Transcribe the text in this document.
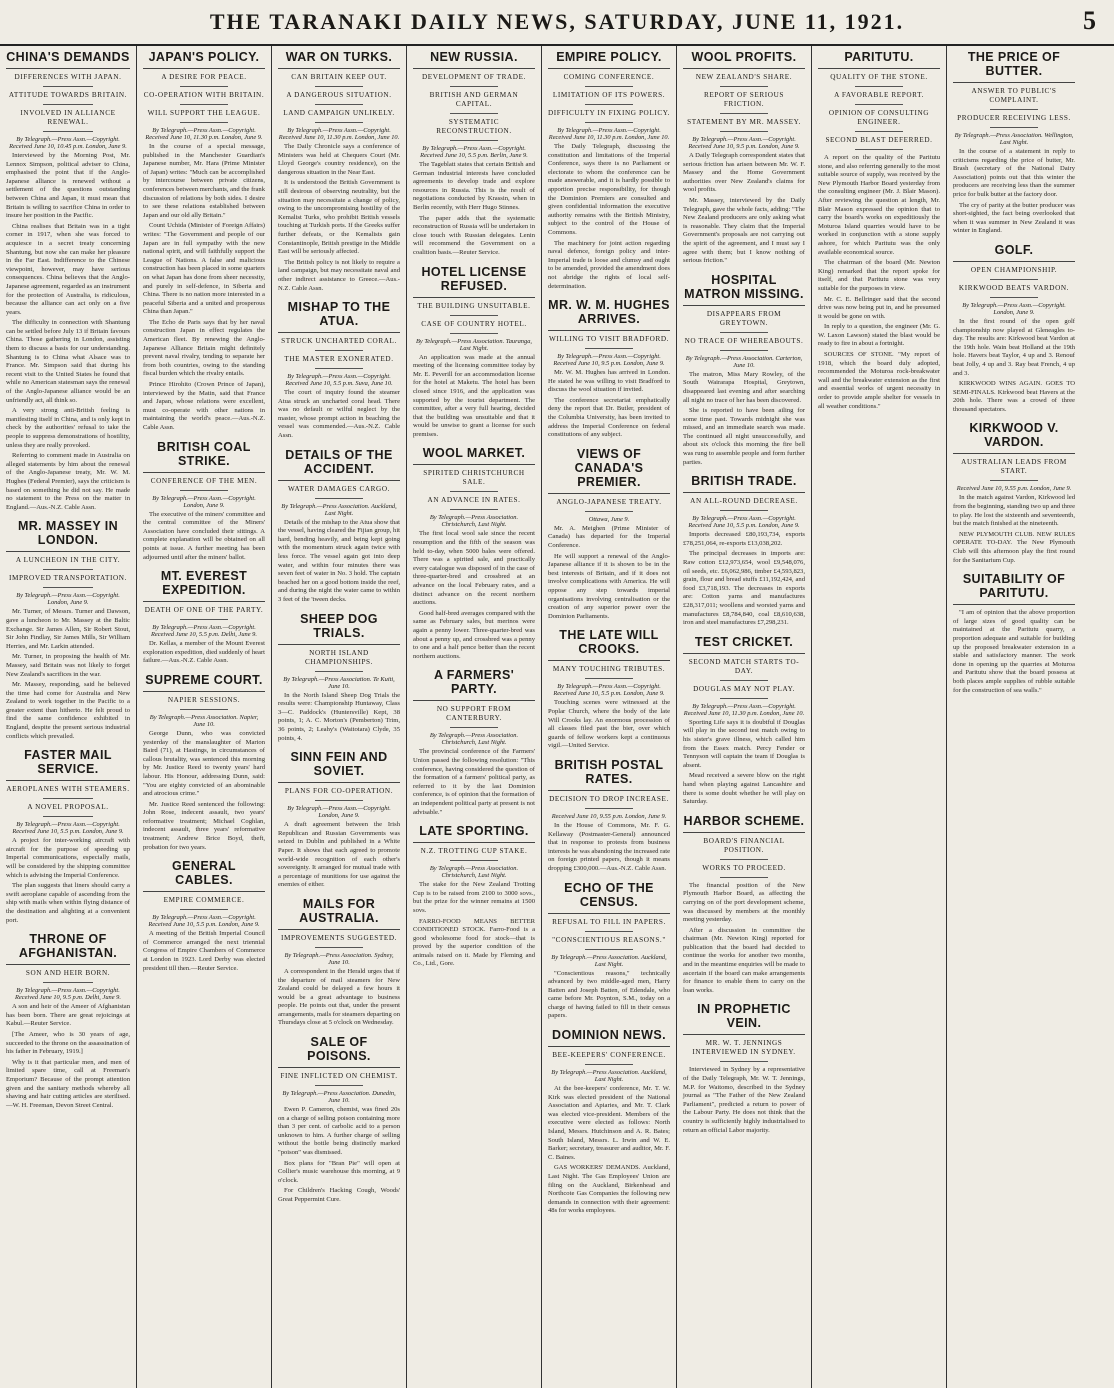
THE TARANAKI DAILY NEWS, SATURDAY, JUNE 11, 1921.	5
CHINA'S DEMANDS
DIFFERENCES WITH JAPAN.
ATTITUDE TOWARDS BRITAIN.
INVOLVED IN ALLIANCE RENEWAL.
By Telegraph.—Press Assn.—Copyright. Received June 10, 10.45 p.m. London, June 9.

Interviewed by the Morning Post, Mr. Lennox Simpson, political adviser to China, emphasised the point that if the Anglo-Japanese alliance is renewed without a settlement of the questions outstanding between China and Japan, it must mean that Britain is willing to sacrifice China in order to insure her position in the Pacific.

China realises that Britain was in a tight corner in 1917, when she was forced to acquiesce in a secret treaty concerning Shantung, but now she can make her pleasure in the Far East. Indifference to the Chinese viewpoint, however, may have serious consequences. China believes that the Anglo-Japanese agreement, regarded as an instrument for the protection of Australia, is ridiculous, because the alliance can act only on a five years.

The difficulty in connection with Shantung can be settled before July 13 if Britain favours China. Those gathering in London, assisting them to discuss a basis for our understanding. Shantung is to China what Alsace was to France. Mr. Simpson said that during his recent visit to the United States he found that while no American statesman says the renewal of the Anglo-Japanese alliance would be an unfriendly act, all think so.

A very strong anti-British feeling is manifesting itself in China, and is only kept in check by the authorities' refusal to take the people to suppress demonstrations of hostility, unless they are really provoked.

Referring to comment made in Australia on alleged statements by him about the renewal of the Anglo-Japanese treaty, Mr. W. M. Hughes (Federal Premier), says the criticism is based on something he did not say. He made no statement to the Press on the matter in England.—Aus.-N.Z. Cable Assn.

MR. MASSEY IN LONDON.
A LUNCHEON IN THE CITY.
IMPROVED TRANSPORTATION.
By Telegraph.—Press Assn.—Copyright. London, June 9.

Mr. Turner, of Messrs. Turner and Dawson, gave a luncheon to Mr. Massey at the Baltic Exchange. Sir James Allen, Sir Robert Stout, Sir John Findlay, Sir James Mills, Sir William Herries, and Mr. Larkin attended.

Mr. Turner, in proposing the health of Mr. Massey, said Britain was not likely to forget New Zealand's sacrifices in the war.

Mr. Massey, responding, said he believed the time had come for Australia and New Zealand to work together in the Pacific to a greater extent than hitherto. He felt proud to find the same confidence exhibited in England, despite the present serious industrial conflicts which prevailed.

FASTER MAIL SERVICE.
AEROPLANES WITH STEAMERS.
A NOVEL PROPOSAL.
By Telegraph.—Press Assn.—Copyright. Received June 10, 5.5 p.m. London, June 9.

A project for inter-working aircraft with aircraft for the purpose of speeding up Imperial communications, especially mails, will be considered by the shipping committee which is advising the Imperial Conference.

The plan suggests that liners should carry a swift aeroplane capable of ascending from the ship with mails when within flying distance of the destination and alighting at a convenient port.

THRONE OF AFGHANISTAN.
SON AND HEIR BORN.
By Telegraph.—Press Assn.—Copyright. Received June 10, 9.5 p.m. Delhi, June 9.

A son and heir of the Ameer of Afghanistan has been born. There are great rejoicings at Kabul.—Reuter Service.

[The Ameer, who is 30 years of age, succeeded to the throne on the assassination of his father in February, 1919.]

Why is it that particular men, and men of limited spare time, call at Freeman's Emporium? Because of the prompt attention given and the sanitary methods whereby all shaving and hair cutting articles are sterilised.—W. H. Freeman, Devon Street Central.

JAPAN'S POLICY.
A DESIRE FOR PEACE.
CO-OPERATION WITH BRITAIN.
WILL SUPPORT THE LEAGUE.
By Telegraph.—Press Assn.—Copyright. Received June 10, 11.30 p.m. London, June 9.

In the course of a special message, published in the Manchester Guardian's Japanese number, Mr. Hara (Prime Minister of Japan) writes: "Much can be accomplished by intercourse between private citizens, conferences between merchants, and the frank discussion of relations by both sides. I desire to see these relations established between Japan and our old ally Britain."

Count Uchida (Minister of Foreign Affairs) writes: "The Government and people of our Japan are in full sympathy with the new national spirit, and will faithfully support the League of Nations. A false and malicious construction has been placed in some quarters on what Japan has done from sheer necessity, and purely in self-defence, in Siberia and China. There is no nation more interested in a peaceful Siberia and a united and prosperous China than Japan."

The Echo de Paris says that by her naval construction Japan in effect regulates the American fleet. By renewing the Anglo-Japanese Alliance Britain might definitely prevent naval rivalry, tending to separate her from both countries, owing to the standing fiscal burden which the rivalry entails.

Prince Hirohito (Crown Prince of Japan), interviewed by the Matin, said that France and Japan, whose relations were excellent, must co-operate with other nations in maintaining the world's peace.—Aus.-N.Z. Cable Assn.

BRITISH COAL STRIKE.
CONFERENCE OF THE MEN.
By Telegraph.—Press Assn.—Copyright. London, June 9.

The executive of the miners' committee and the central committee of the Miners' Association have concluded their sittings. A complete explanation will be obtained on all points at issue. A further meeting has been adjourned until after the miners' ballot.

MT. EVEREST EXPEDITION.
DEATH OF ONE OF THE PARTY.
By Telegraph.—Press Assn.—Copyright. Received June 10, 5.5 p.m. Delhi, June 9.

Dr. Kellas, a member of the Mount Everest exploration expedition, died suddenly of heart failure.—Aus.-N.Z. Cable Assn.

SUPREME COURT.
NAPIER SESSIONS.
By Telegraph.—Press Association. Napier, June 10.

George Dunn, who was convicted yesterday of the manslaughter of Marion Baird (71), at Hastings, in circumstances of callous brutality, was sentenced this morning by Mr. Justice Reed to twenty years' hard labour. His Honour, addressing Dunn, said: "You are eighty convicted of an abominable and atrocious crime."

Mr. Justice Reed sentenced the following: John Rose, indecent assault, two years' reformative treatment; Michael Coghlan, indecent assault, three years' reformative treatment; Andrew Brice Boyd, theft, probation for two years.

GENERAL CABLES.
EMPIRE COMMERCE.
By Telegraph.—Press Assn.—Copyright. Received June 10, 5.5 p.m. London, June 9.

A meeting of the British Imperial Council of Commerce arranged the next triennial Congress of Empire Chambers of Commerce at London in 1923. Lord Derby was elected president till then.—Reuter Service.

WAR ON TURKS.
CAN BRITAIN KEEP OUT.
A DANGEROUS SITUATION.
LAND CAMPAIGN UNLIKELY.
By Telegraph.—Press Assn.—Copyright. Received June 10, 11.30 p.m. London, June 10.

The Daily Chronicle says a conference of Ministers was held at Chequers Court (Mr. Lloyd George's country residence), on the dangerous situation in the Near East.

It is understood the British Government is still desirous of observing neutrality, but the situation may necessitate a change of policy, owing to the uncompromising hostility of the Kemalist Turks, who prohibit British vessels touching at Turkish ports. If the Greeks suffer further defeats, or the Kemalists gain Constantinople, British prestige in the Middle East will be seriously affected.

The British policy is not likely to require a land campaign, but may necessitate naval and other indirect assistance to Greece.—Aus.-N.Z. Cable Assn.

MISHAP TO THE ATUA.
STRUCK UNCHARTED CORAL.
THE MASTER EXONERATED.
By Telegraph.—Press Assn.—Copyright. Received June 10, 5.5 p.m. Suva, June 10.

The court of inquiry found the steamer Atua struck an uncharted coral head. There was no default or wilful neglect by the master, whose prompt action in beaching the vessel was commended.—Aus.-N.Z. Cable Assn.

DETAILS OF THE ACCIDENT.
WATER DAMAGES CARGO.
By Telegraph.—Press Association. Auckland, Last Night.

Details of the mishap to the Atua show that the vessel, having cleared the Fijian group, hit hard, bending heavily, and being kept going with the momentum struck again twice with less force. The vessel again got into deep water, and within four minutes there was seven feet of water in No. 3 hold. The captain beached her on a good bottom inside the reef, and during the night the water came to within 3 feet of the 'tween decks.

SHEEP DOG TRIALS.
NORTH ISLAND CHAMPIONSHIPS.
By Telegraph.—Press Association. Te Kuiti, June 10.

In the North Island Sheep Dog Trials the results were: Championship Huntaway, Class 3—C. Paddock's (Huntersville) Kept, 38 points, 1; A. C. Morton's (Pemberton) Trim, 36 points, 2; Leahy's (Waitotara) Clyde, 35 points, 4.

SINN FEIN AND SOVIET.
PLANS FOR CO-OPERATION.
By Telegraph.—Press Assn.—Copyright. London, June 9.

A draft agreement between the Irish Republican and Russian Governments was seized in Dublin and published in a White Paper. It shows that each agreed to promote world-wide recognition of each other's sovereignty. It arranged for mutual trade with a percentage of munitions for use against the enemies of either.

MAILS FOR AUSTRALIA.
IMPROVEMENTS SUGGESTED.
By Telegraph.—Press Association. Sydney, June 10.

A correspondent in the Herald urges that if the departure of mail steamers for New Zealand could be delayed a few hours it would be a great advantage to business people. He points out that, under the present arrangements, mails for steamers departing on Thursdays close at 5 o'clock on Wednesday.

SALE OF POISONS.
FINE INFLICTED ON CHEMIST.
By Telegraph.—Press Association. Dunedin, June 10.

Ewen P. Cameron, chemist, was fined 20s on a charge of selling poison containing more than 3 per cent. of carbolic acid to a person unknown to him. A further charge of selling without the bottle being distinctly marked "poison" was dismissed.

Box plans for "Bran Pie" will open at Collier's music warehouse this morning, at 9 o'clock.

For Children's Hacking Cough, Woods' Great Peppermint Cure.

NEW RUSSIA.
DEVELOPMENT OF TRADE.
BRITISH AND GERMAN CAPITAL.
SYSTEMATIC RECONSTRUCTION.
By Telegraph.—Press Assn.—Copyright. Received June 10, 5.5 p.m. Berlin, June 9.

The Tageblatt states that certain British and German industrial interests have concluded agreements to develop trade and explore resources in Russia. This is the result of negotiations conducted by Krassin, when in Berlin recently, with Herr Hugo Stinnes.

The paper adds that the systematic reconstruction of Russia will be undertaken in close touch with Russian delegates. Lenin will recommend the Government on a coalition basis.—Reuter Service.

HOTEL LICENSE REFUSED.
THE BUILDING UNSUITABLE.
CASE OF COUNTRY HOTEL.
By Telegraph.—Press Association. Tauranga, Last Night.

An application was made at the annual meeting of the licensing committee today by Mr. E. Peverill for an accommodation license for the hotel at Maketu. The hotel has been closed since 1916, and the application was supported by the tourist department. The committee, after a very full hearing, decided that the building was unsuitable and that it would be unwise to grant a license for such premises.

WOOL MARKET.
SPIRITED CHRISTCHURCH SALE.
AN ADVANCE IN RATES.
By Telegraph.—Press Association. Christchurch, Last Night.

The first local wool sale since the recent resumption and the fifth of the season was held to-day, when 5000 bales were offered. There was a spirited sale, and practically every catalogue was disposed of in the case of three-quarter-bred and crossbred at an advance on the local February rates, and a distinct advance on the recent northern auctions.

Good half-bred averages compared with the same as February sales, but merinos were again a penny lower. Three-quarter-bred was about a penny up, and crossbred was a penny to one and a half pence better than the recent northern auctions.

A FARMERS' PARTY.
NO SUPPORT FROM CANTERBURY.
By Telegraph.—Press Association. Christchurch, Last Night.

The provincial conference of the Farmers' Union passed the following resolution: "This conference, having considered the question of the formation of a farmers' political party, as referred to it by the last Dominion conference, is of opinion that the formation of an independent political party at present is not advisable."

LATE SPORTING.
N.Z. TROTTING CUP STAKE.
By Telegraph.—Press Association. Christchurch, Last Night.

The stake for the New Zealand Trotting Cup is to be raised from 2100 to 3000 sovs., but the prize for the winner remains at 1500 sovs.

FARRO-FOOD MEANS BETTER CONDITIONED STOCK. Farro-Food is a good wholesome food for stock—that is proved by the superior condition of the animals raised on it. Made by Fleming and Co., Ltd., Gore.

EMPIRE POLICY.
COMING CONFERENCE.
LIMITATION OF ITS POWERS.
DIFFICULTY IN FIXING POLICY.
By Telegraph.—Press Assn.—Copyright. Received June 10, 11.30 p.m. London, June 10.

The Daily Telegraph, discussing the constitution and limitations of the Imperial Conference, says there is no Parliament or electorate to whom the conference can be made answerable, and it is hardly possible to apportion precise responsibility, for though the Dominion Premiers are consulted and given confidential information the executive authority remains with the British Ministry, subject to the control of the House of Commons.

The machinery for joint action regarding naval defence, foreign policy and inter-Imperial trade is loose and clumsy and ought to be amended, provided the amendment does not abridge the rights of local self-determination.

MR. W. M. HUGHES ARRIVES.
WILLING TO VISIT BRADFORD.
By Telegraph.—Press Assn.—Copyright. Received June 10, 9.5 p.m. London, June 9.

Mr. W. M. Hughes has arrived in London. He stated he was willing to visit Bradford to discuss the wool situation if invited.

The conference secretariat emphatically deny the report that Dr. Butler, president of the Columbia University, has been invited to address the Imperial Conference on federal constitutions of any subject.

VIEWS OF CANADA'S PREMIER.
ANGLO-JAPANESE TREATY.
Ottawa, June 9.

Mr. A. Meighen (Prime Minister of Canada) has departed for the Imperial Conference.

He will support a renewal of the Anglo-Japanese alliance if it is shown to be in the best interests of Britain, and if it does not involve complications with America. He will oppose any step towards imperial organisations involving centralisation or the creation of any superior power over the Dominion Parliaments.

THE LATE WILL CROOKS.
MANY TOUCHING TRIBUTES.
By Telegraph.—Press Assn.—Copyright. Received June 10, 5.5 p.m. London, June 9.

Touching scenes were witnessed at the Poplar Church, where the body of the late Will Crooks lay. An enormous procession of all classes filed past the bier, over which guards of fellow workers kept a continuous vigil.—United Service.

BRITISH POSTAL RATES.
DECISION TO DROP INCREASE.
Received June 10, 9.55 p.m. London, June 9.

In the House of Commons, Mr. F. G. Kellaway (Postmaster-General) announced that in response to protests from business interests he was abandoning the increased rate on foreign printed papers, though it means dropping £300,000.—Aus.-N.Z. Cable Assn.

ECHO OF THE CENSUS.
REFUSAL TO FILL IN PAPERS.
"CONSCIENTIOUS REASONS."
By Telegraph.—Press Association. Auckland, Last Night.

"Conscientious reasons," technically advanced by two middle-aged men, Harry Batten and Joseph Batten, of Edendale, who came before Mr. Poynton, S.M., today on a charge of having failed to fill in their census papers.

DOMINION NEWS.
BEE-KEEPERS' CONFERENCE.
By Telegraph.—Press Association. Auckland, Last Night.

At the bee-keepers' conference, Mr. T. W. Kirk was elected president of the National Association and Apiaries, and Mr. T. Clark was elected vice-president. Members of the executive were elected as follows: North Island, Messrs. Hutchinson and A. R. Bates; South Island, Messrs. L. Irwin and W. E. Barker; secretary, treasurer and auditor, Mr. F. C. Baines.

GAS WORKERS' DEMANDS. Auckland, Last Night. The Gas Employees' Union are filing on the Auckland, Birkenhead and Northcote Gas Companies the following new demands in connection with their agreement: 48s for works employees.

WOOL PROFITS.
NEW ZEALAND'S SHARE.
REPORT OF SERIOUS FRICTION.
STATEMENT BY MR. MASSEY.
By Telegraph.—Press Assn.—Copyright. Received June 10, 9.5 p.m. London, June 9.

A Daily Telegraph correspondent states that serious friction has arisen between Mr. W. F. Massey and the Home Government authorities over New Zealand's claims for wool profits.

Mr. Massey, interviewed by the Daily Telegraph, gave the whole facts, adding: "The New Zealand producers are only asking what is reasonable. They claim that the Imperial Government's proposals are not carrying out the spirit of the agreement, and I must say I agree with them; but I know nothing of serious friction."

HOSPITAL MATRON MISSING.
DISAPPEARS FROM GREYTOWN.
NO TRACE OF WHEREABOUTS.
By Telegraph.—Press Association. Carterton, June 10.

The matron, Miss Mary Rowley, of the South Wairarapa Hospital, Greytown, disappeared last evening and after searching all night no trace of her has been discovered.

She is reported to have been ailing for some time past. Towards midnight she was missed, and an immediate search was made. The continued all night unsuccessfully, and about six o'clock this morning the fire bell was rung to assemble people and form further parties.

BRITISH TRADE.
AN ALL-ROUND DECREASE.
By Telegraph.—Press Assn.—Copyright. Received June 10, 5.5 p.m. London, June 9.

Imports decreased £80,193,734, exports £78,251,064, re-exports £13,038,202.

The principal decreases in imports are: Raw cotton £12,973,654, wool £9,548,076, oil seeds, etc. £6,062,986, timber £4,593,823, grain, flour and bread stuffs £11,192,424, and food £3,718,193. The decreases in exports are: Cotton yarns and manufactures £28,317,011; woollens and worsted yarns and manufactures £8,784,840, coal £8,610,638, iron and steel manufactures £7,298,231.

TEST CRICKET.
SECOND MATCH STARTS TO-DAY.
DOUGLAS MAY NOT PLAY.
By Telegraph.—Press Assn.—Copyright. Received June 10, 11.30 p.m. London, June 10.

Sporting Life says it is doubtful if Douglas will play in the second test match owing to his sister's grave illness, which called him from the Essex match. Percy Fender or Tennyson will captain the team if Douglas is absent.

Mead received a severe blow on the right hand when playing against Lancashire and there is some doubt whether he will play on Saturday.

HARBOR SCHEME.
BOARD'S FINANCIAL POSITION.
WORKS TO PROCEED.

The financial position of the New Plymouth Harbor Board, as affecting the carrying on of the port development scheme, was discussed by members at the monthly meeting yesterday.

After a discussion in committee the chairman (Mr. Newton King) reported for publication that the board had decided to continue the works for another two months, and in the meantime enquiries will be made to ascertain if the board can make arrangements for finance to enable them to carry on the loan works.

IN PROPHETIC VEIN.
MR. W. T. JENNINGS INTERVIEWED IN SYDNEY.

Interviewed in Sydney by a representative of the Daily Telegraph, Mr. W. T. Jennings, M.P. for Waitomo, described in the Sydney journal as "The Father of the New Zealand Parliament", predicted a return to power of the Labour Party. He does not think that the country is sufficiently highly industrialised to return an official Labor majority.

PARITUTU.
QUALITY OF THE STONE.
A FAVORABLE REPORT.
OPINION OF CONSULTING ENGINEER.
SECOND BLAST DEFERRED.

A report on the quality of the Paritutu stone, and also referring generally to the most suitable source of supply, was received by the New Plymouth Harbor Board yesterday from the consulting engineer (Mr. J. Blair Mason). After reviewing the question at length, Mr. Blair Mason expressed the opinion that to carry the board's works on expeditiously the Moturoa Island quarries would have to be worked in conjunction with a stone supply ashore, for which Paritutu was the only available economical source.

The chairman of the board (Mr. Newton King) remarked that the report spoke for itself, and that Paritutu stone was very suitable for the purposes in view.

Mr. C. E. Bellringer said that the second drive was now being put in, and he presumed it would be gone on with.

In reply to a question, the engineer (Mr. G. W. Laxon Lawson) stated the blast would be ready to fire in about a fortnight.

SOURCES OF STONE. "My report of 1918, which the board duly adopted, recommended the Moturoa rock-breakwater wall and the breakwater extension as the first and essential works of urgent necessity in order to provide ample shelter for vessels in all weather conditions."

THE PRICE OF BUTTER.
ANSWER TO PUBLIC'S COMPLAINT.
PRODUCER RECEIVING LESS.
By Telegraph.—Press Association. Wellington, Last Night.

In the course of a statement in reply to criticisms regarding the price of butter, Mr. Brash (secretary of the National Dairy Association) points out that this winter the producers are receiving less than the summer price for bulk butter at the factory door.

The cry of parity at the butter producer was short-sighted, the fact being overlooked that when it was summer in New Zealand it was winter in England.

GOLF.
OPEN CHAMPIONSHIP.
KIRKWOOD BEATS VARDON.
By Telegraph.—Press Assn.—Copyright. London, June 9.

In the first round of the open golf championship now played at Gleneagles to-day. The results are: Kirkwood beat Vardon at the 19th hole. Wain beat Holland at the 19th hole. Havers beat Taylor, 4 up and 3. Renouf beat Jolly, 4 up and 3. Ray beat French, 4 up and 3.

KIRKWOOD WINS AGAIN. GOES TO SEMI-FINALS. Kirkwood beat Havers at the 20th hole. There was a crowd of three thousand spectators.

KIRKWOOD V. VARDON.
AUSTRALIAN LEADS FROM START.
Received June 10, 9.55 p.m. London, June 9.

In the match against Vardon, Kirkwood led from the beginning, standing two up and three to play. He lost the sixteenth and seventeenth, but the match finished at the nineteenth.

NEW PLYMOUTH CLUB. NEW RULES OPERATE TO-DAY. The New Plymouth Club will this afternoon play the first round for the Sanitarium Cup.

SUITABILITY OF PARITUTU.

"I am of opinion that the above proportion of large sizes of good quality can be maintained at the Paritutu quarry, a proportion adequate and suitable for building up the proposed breakwater extension in a stable and satisfactory manner. The work done in opening up the quarries at Moturoa and Paritutu show that the board possess at both places ample supplies of rubble suitable for the construction of sea walls."
